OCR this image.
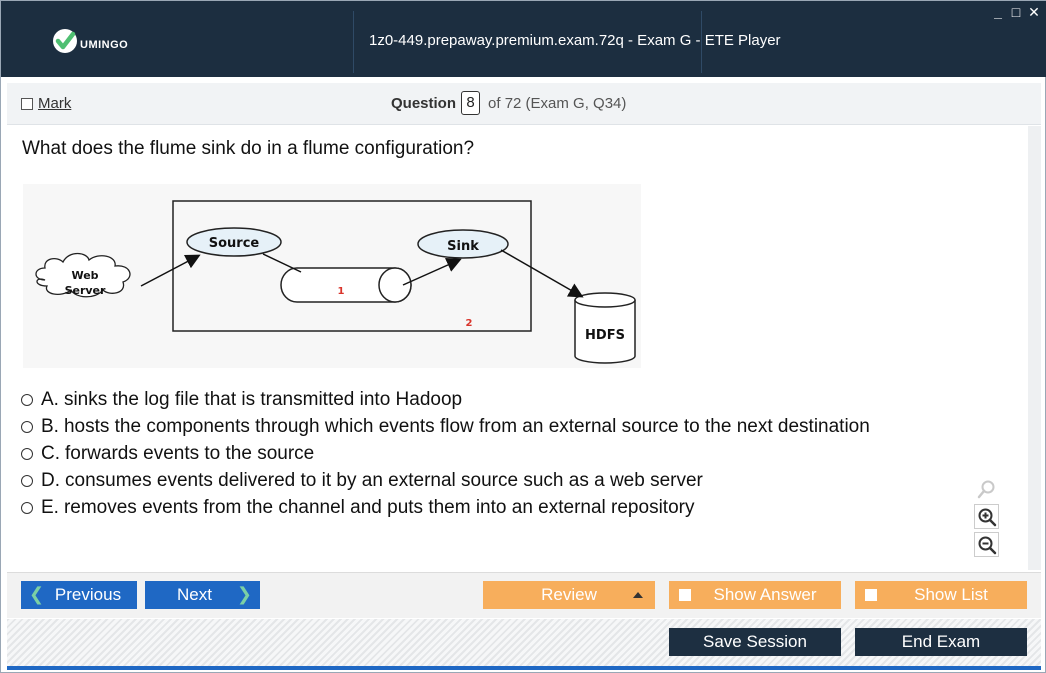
UMINGO	1z0-449.prepaway.premium.exam.72q - Exam G - ETE Player
_ □ ✕
Mark	Question 8 of 72 (Exam G, Q34)
What does the flume sink do in a flume configuration?
Web
Server
Source	Sink
1
2
HDFS
A. sinks the log file that is transmitted into Hadoop
B. hosts the components through which events flow from an external source to the next destination
C. forwards events to the source
D. consumes events delivered to it by an external source such as a web server
E. removes events from the channel and puts them into an external repository
❮ Previous	Next ❯	Review	Show Answer	Show List
Save Session	End Exam
